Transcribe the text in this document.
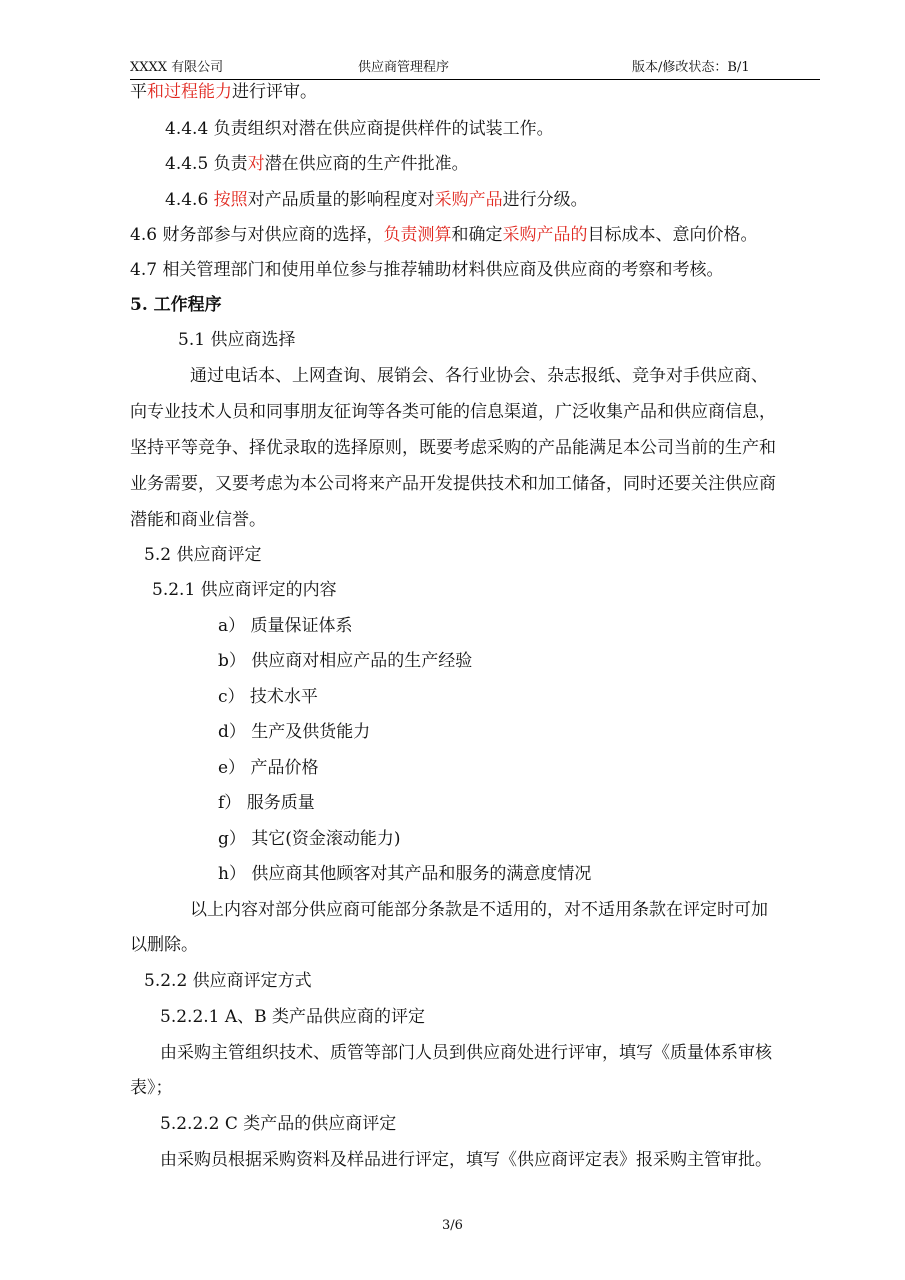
XXXX 有限公司	供应商管理程序	版本/修改状态：B/1
平和过程能力进行评审。
4.4.4 负责组织对潜在供应商提供样件的试装工作。
4.4.5 负责对潜在供应商的生产件批准。
4.4.6 按照对产品质量的影响程度对采购产品进行分级。
4.6 财务部参与对供应商的选择，负责测算和确定采购产品的目标成本、意向价格。
4.7 相关管理部门和使用单位参与推荐辅助材料供应商及供应商的考察和考核。
5. 工作程序
5.1 供应商选择
通过电话本、上网查询、展销会、各行业协会、杂志报纸、竞争对手供应商、
向专业技术人员和同事朋友征询等各类可能的信息渠道，广泛收集产品和供应商信息，
坚持平等竞争、择优录取的选择原则，既要考虑采购的产品能满足本公司当前的生产和
业务需要，又要考虑为本公司将来产品开发提供技术和加工储备，同时还要关注供应商
潜能和商业信誉。
5.2 供应商评定
5.2.1 供应商评定的内容
a） 质量保证体系
b） 供应商对相应产品的生产经验
c） 技术水平
d） 生产及供货能力
e） 产品价格
f） 服务质量
g） 其它(资金滚动能力)
h） 供应商其他顾客对其产品和服务的满意度情况
以上内容对部分供应商可能部分条款是不适用的，对不适用条款在评定时可加
以删除。
5.2.2 供应商评定方式
5.2.2.1 A、B 类产品供应商的评定
由采购主管组织技术、质管等部门人员到供应商处进行评审，填写《质量体系审核
表》；
5.2.2.2 C 类产品的供应商评定
由采购员根据采购资料及样品进行评定，填写《供应商评定表》报采购主管审批。
3/6
